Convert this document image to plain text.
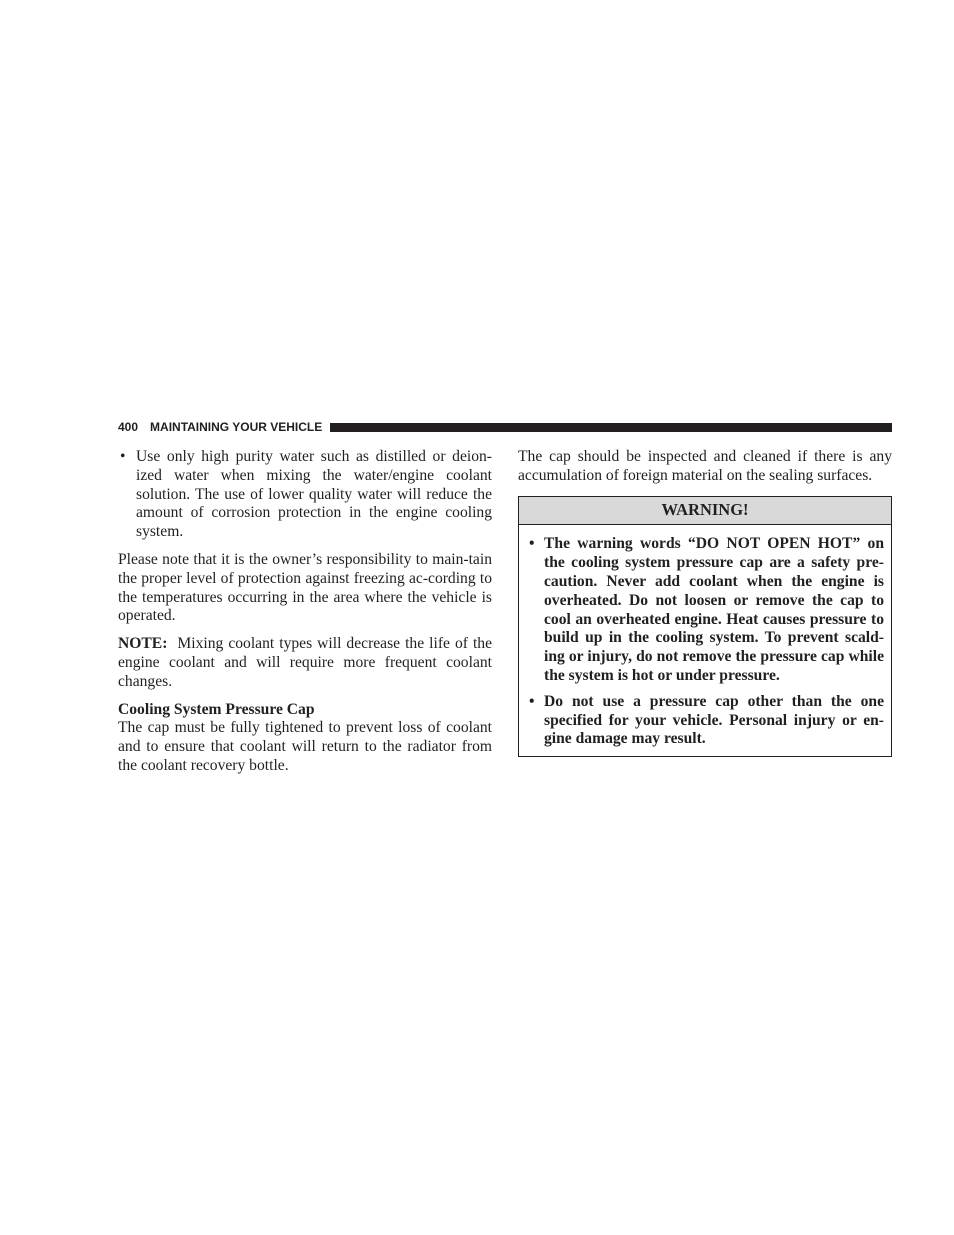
400 MAINTAINING YOUR VEHICLE
• Use only high purity water such as distilled or deion-ized water when mixing the water/engine coolant solution. The use of lower quality water will reduce the amount of corrosion protection in the engine cooling system.

Please note that it is the owner’s responsibility to main-tain the proper level of protection against freezing ac-cording to the temperatures occurring in the area where the vehicle is operated.

NOTE: Mixing coolant types will decrease the life of the engine coolant and will require more frequent coolant changes.

Cooling System Pressure Cap

The cap must be fully tightened to prevent loss of coolant and to ensure that coolant will return to the radiator from the coolant recovery bottle.

The cap should be inspected and cleaned if there is any accumulation of foreign material on the sealing surfaces.

WARNING!
• The warning words “DO NOT OPEN HOT” on the cooling system pressure cap are a safety pre-caution. Never add coolant when the engine is overheated. Do not loosen or remove the cap to cool an overheated engine. Heat causes pressure to build up in the cooling system. To prevent scald-ing or injury, do not remove the pressure cap while the system is hot or under pressure.
• Do not use a pressure cap other than the one specified for your vehicle. Personal injury or en-gine damage may result.
